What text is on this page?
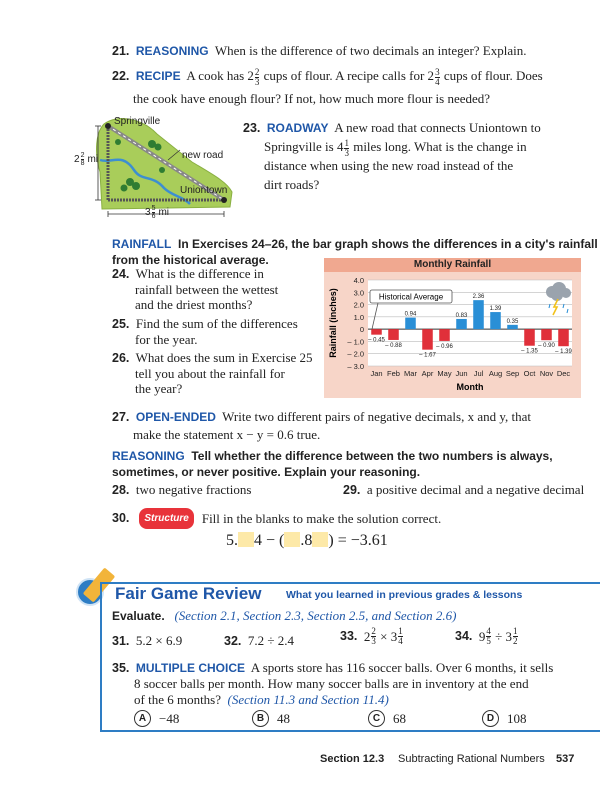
21. REASONING When is the difference of two decimals an integer? Explain.
22. RECIPE A cook has $2 \frac{2}{3}$ cups of flour. A recipe calls for $2 \frac{3}{4}$ cups of flour. Does
the cook have enough flour? If not, how much more flour is needed?
Springville
new road
Uniontown
$2 \frac{2}{8}$ mi
$3 \frac{5}{6}$ mi
23. ROADWAY A new road that connects Uniontown to
Springville is $4 \frac{1}{3}$ miles long. What is the change in
distance when using the new road instead of the
dirt roads?
RAINFALL In Exercises 24–26, the bar graph shows the differences in a city's rainfall
from the historical average.
24. What is the difference in
rainfall between the wettest
and the driest months?
25. Find the sum of the differences
for the year.
26. What does the sum in Exercise 25
tell you about the rainfall for
the year?
Monthly Rainfall
4.0
3.0
2.0
1.0
0
– 1.0
– 2.0
– 3.0
Rainfall (inches)	– 0.45
Jan
– 0.88
Feb
0.94
Mar
– 1.67
Apr
– 0.96
May
0.83
Jun
2.36
Jul
1.39
Aug
0.35
Sep
– 1.35
Oct
– 0.90
Nov
– 1.39
Dec
Month
Historical Average
27. OPEN-ENDED Write two different pairs of negative decimals, x and y, that
make the statement x − y = 0.6 true.
REASONING Tell whether the difference between the two numbers is always,
sometimes, or never positive. Explain your reasoning.
28. two negative fractions	29. a positive decimal and a negative decimal
30.	Structure	Fill in the blanks to make the solution correct.
5. 4 − ( .8 ) = −3.61
Fair Game Review What you learned in previous grades & lessons
Evaluate. (Section 2.1, Section 2.3, Section 2.5, and Section 2.6)
31. 5.2 × 6.9	32. 7.2 ÷ 2.4	33.
$2 \frac{2}{3}$
× $3 \frac{1}{4}$	34.
$9 \frac{4}{5}$
÷ $3 \frac{1}{2}$
35. MULTIPLE CHOICE A sports store has 116 soccer balls. Over 6 months, it sells
8 soccer balls per month. How many soccer balls are in inventory at the end
of the 6 months? (Section 11.3 and Section 11.4)
A −48	B 48	C 68	D 108
Section 12.3 Subtracting Rational Numbers 537
